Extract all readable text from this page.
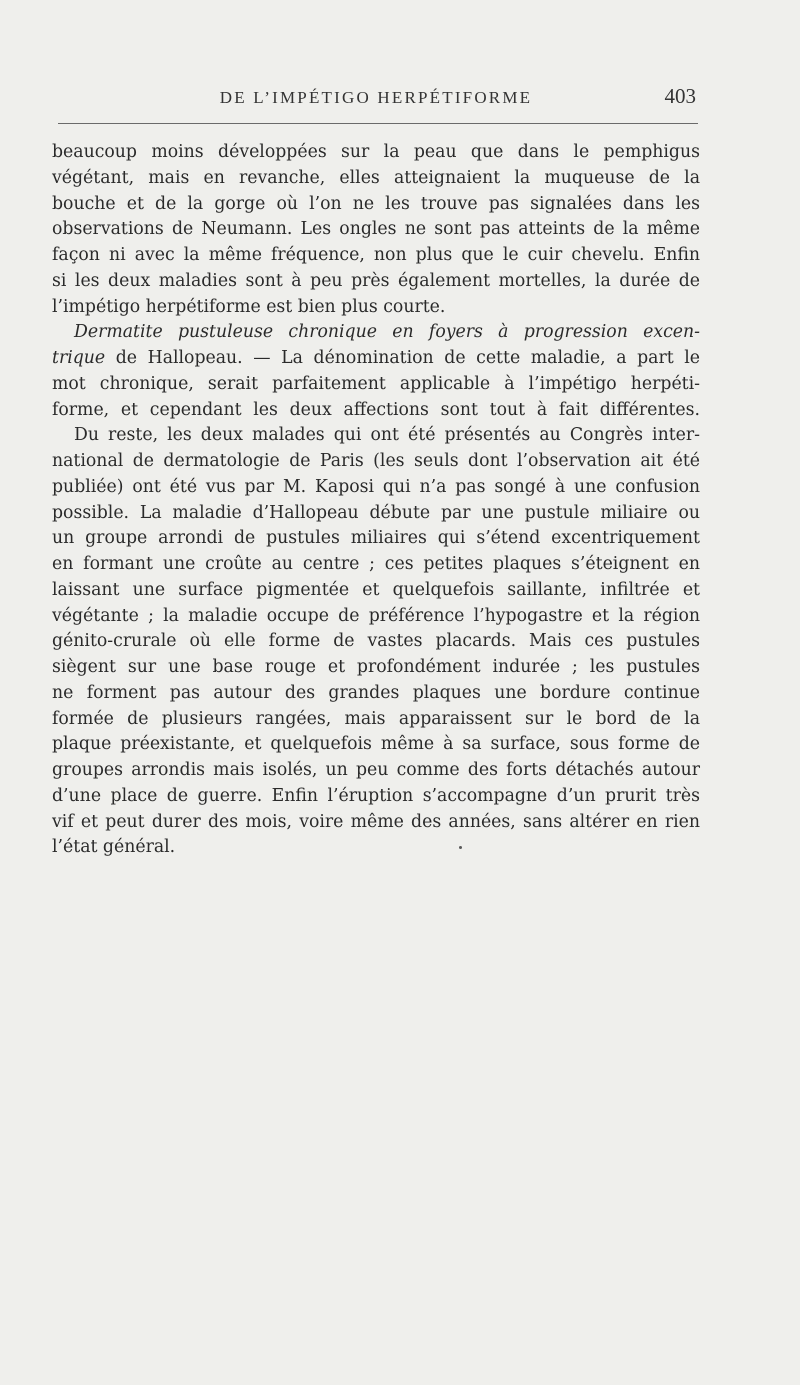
DE L’IMPÉTIGO HERPÉTIFORME	403
beaucoup moins développées sur la peau que dans le pemphigus
végétant, mais en revanche, elles atteignaient la muqueuse de la
bouche et de la gorge où l’on ne les trouve pas signalées dans les
observations de Neumann. Les ongles ne sont pas atteints de la même
façon ni avec la même fréquence, non plus que le cuir chevelu. Enfin
si les deux maladies sont à peu près également mortelles, la durée de
l’impétigo herpétiforme est bien plus courte.
Dermatite pustuleuse chronique en foyers à progression excen-
trique de Hallopeau. — La dénomination de cette maladie, a part le
mot chronique, serait parfaitement applicable à l’impétigo herpéti-
forme, et cependant les deux affections sont tout à fait différentes.
Du reste, les deux malades qui ont été présentés au Congrès inter-
national de dermatologie de Paris (les seuls dont l’observation ait été
publiée) ont été vus par M. Kaposi qui n’a pas songé à une confusion
possible. La maladie d’Hallopeau débute par une pustule miliaire ou
un groupe arrondi de pustules miliaires qui s’étend excentriquement
en formant une croûte au centre ; ces petites plaques s’éteignent en
laissant une surface pigmentée et quelquefois saillante, infiltrée et
végétante ; la maladie occupe de préférence l’hypogastre et la région
génito-crurale où elle forme de vastes placards. Mais ces pustules
siègent sur une base rouge et profondément indurée ; les pustules
ne forment pas autour des grandes plaques une bordure continue
formée de plusieurs rangées, mais apparaissent sur le bord de la
plaque préexistante, et quelquefois même à sa surface, sous forme de
groupes arrondis mais isolés, un peu comme des forts détachés autour
d’une place de guerre. Enfin l’éruption s’accompagne d’un prurit très
vif et peut durer des mois, voire même des années, sans altérer en rien
l’état général.
